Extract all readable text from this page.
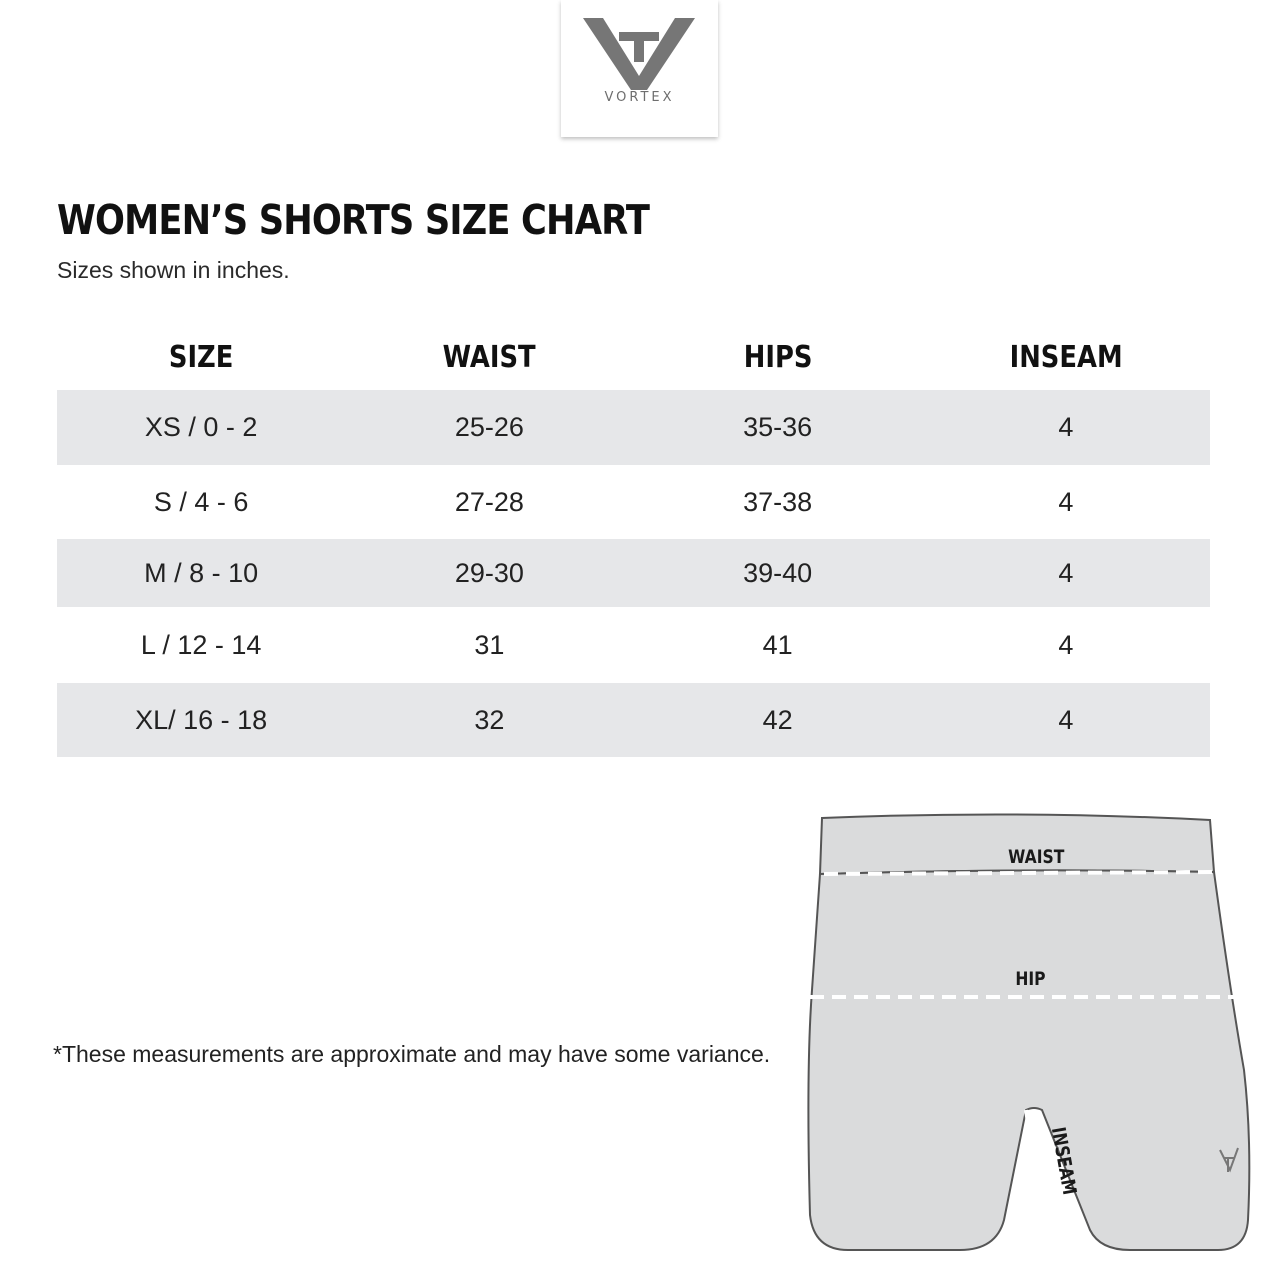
VORTEX
WOMEN’S SHORTS SIZE CHART
Sizes shown in inches.
SIZE	WAIST	HIPS	INSEAM
XS / 0 - 2	25-26	35-36	4
S / 4 - 6	27-28	37-38	4
M / 8 - 10	29-30	39-40	4
L / 12 - 14	31	41	4
XL/ 16 - 18	32	42	4
*These measurements are approximate and may have some variance.
WAIST
HIP
INSEAM
